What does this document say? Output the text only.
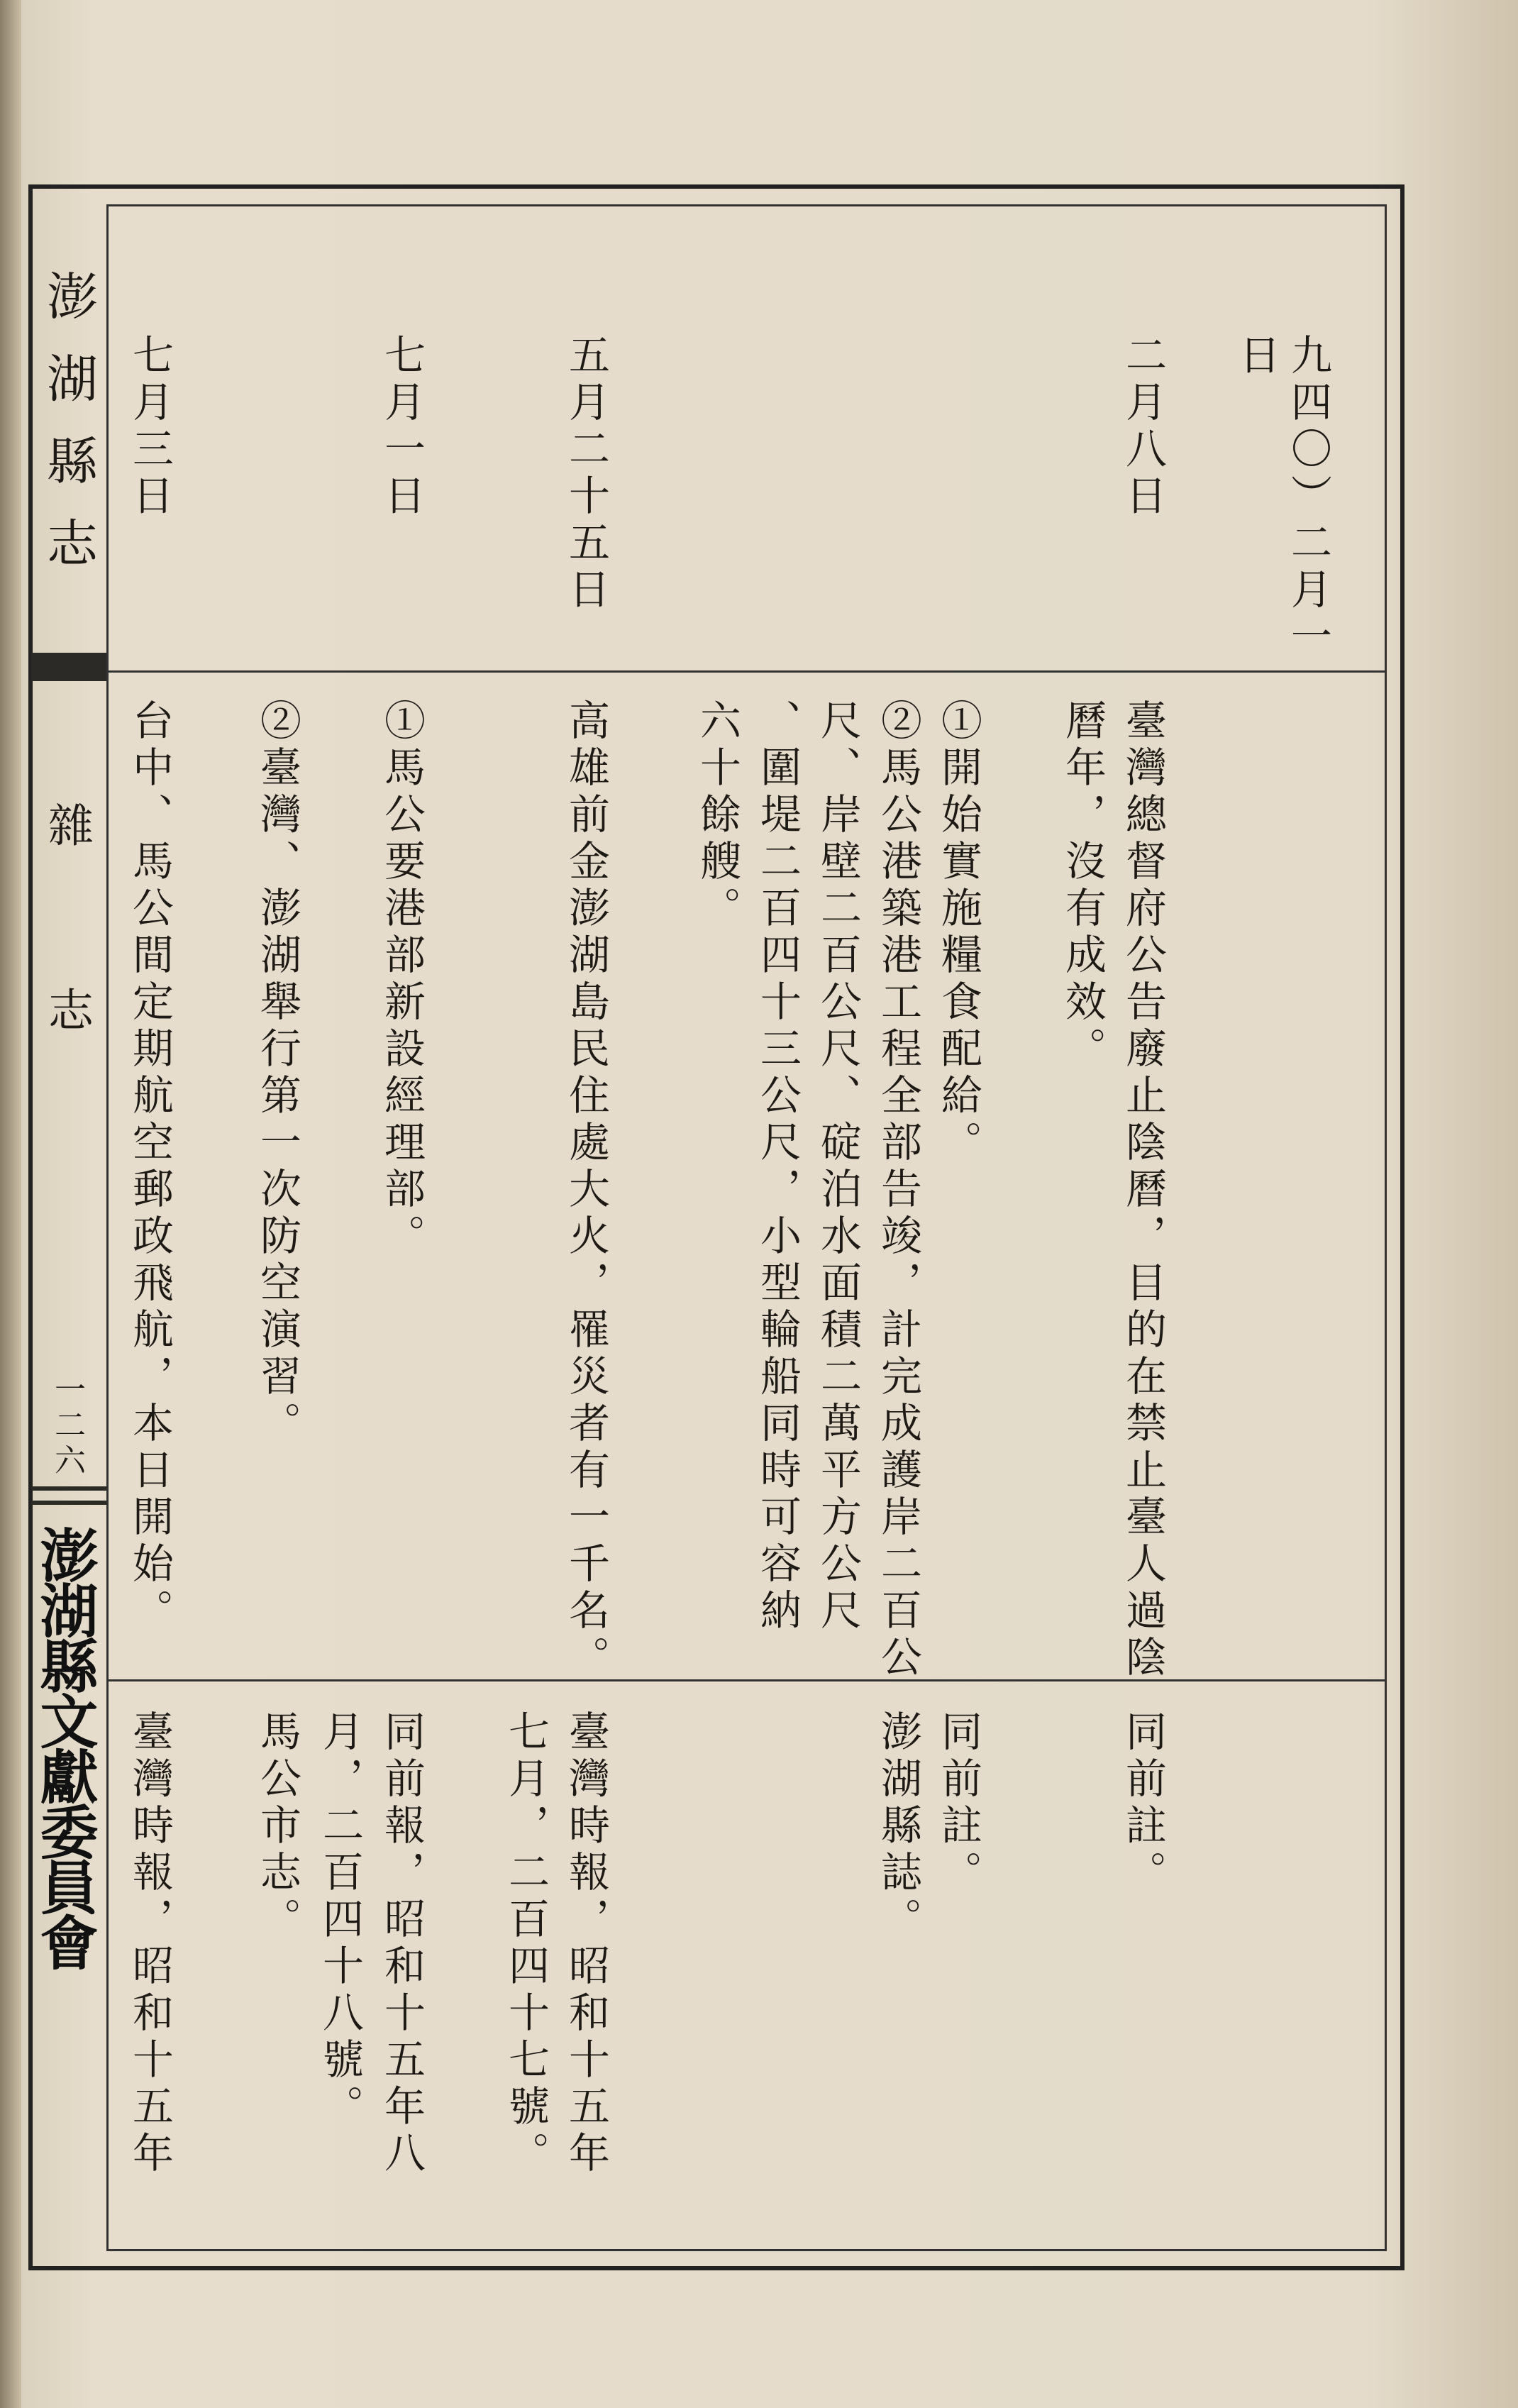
澎湖縣志
雜
志
一二六
澎湖縣文獻委員會
九四〇）二月一
日
臺灣總督府公告廢止陰曆，目的在禁止臺人過陰
曆年，沒有成效。
同前註。
二月八日
①開始實施糧食配給。
②馬公港築港工程全部告竣，計完成護岸二百公
尺、岸壁二百公尺、碇泊水面積二萬平方公尺
、圍堤二百四十三公尺，小型輪船同時可容納
六十餘艘。
同前註。
澎湖縣誌。
五月二十五日
高雄前金澎湖島民住處大火，罹災者有一千名。
臺灣時報，昭和十五年
七月，二百四十七號。
七月一日
①馬公要港部新設經理部。
②臺灣、澎湖舉行第一次防空演習。
同前報，昭和十五年八
月，二百四十八號。
馬公市志。
七月三日
台中、馬公間定期航空郵政飛航，本日開始。
臺灣時報，昭和十五年
